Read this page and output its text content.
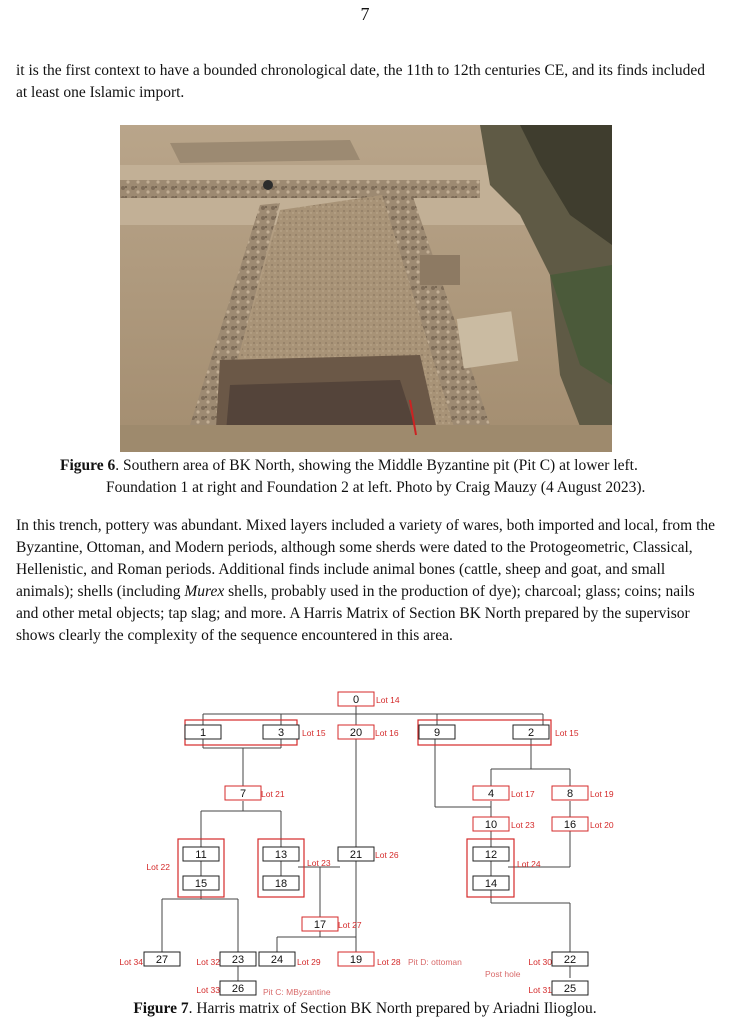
7

it is the first context to have a bounded chronological date, the 11th to 12th centuries CE, and its finds included at least one Islamic import.

Figure 6. Southern area of BK North, showing the Middle Byzantine pit (Pit C) at lower left.
Foundation 1 at right and Foundation 2 at left. Photo by Craig Mauzy (4 August 2023).

In this trench, pottery was abundant. Mixed layers included a variety of wares, both imported and local, from the Byzantine, Ottoman, and Modern periods, although some sherds were dated to the Protogeometric, Classical, Hellenistic, and Roman periods. Additional finds include animal bones (cattle, sheep and goat, and small animals); shells (including Murex shells, probably used in the production of dye); charcoal; glass; coins; nails and other metal objects; tap slag; and more. A Harris Matrix of Section BK North prepared by the supervisor shows clearly the complexity of the sequence encountered in this area.

0
1	3	20	9	2
7	4	8
10	16
11	13	21	12
15	18	14
17
27	23 24	19	22
26	25
Lot 14
Lot 15	Lot 16	Lot 15
Lot 21	Lot 17	Lot 19
Lot 23	Lot 20
Lot 22	Lot 23
Lot 26
Lot 24
Lot 27
Lot 34	Lot 32	Lot 29	Lot 28	Lot 30
Lot 33	Lot 31
Pit D: ottoman
Post hole
Pit C: MByzantine
Figure 7. Harris matrix of Section BK North prepared by Ariadni Ilioglou.
